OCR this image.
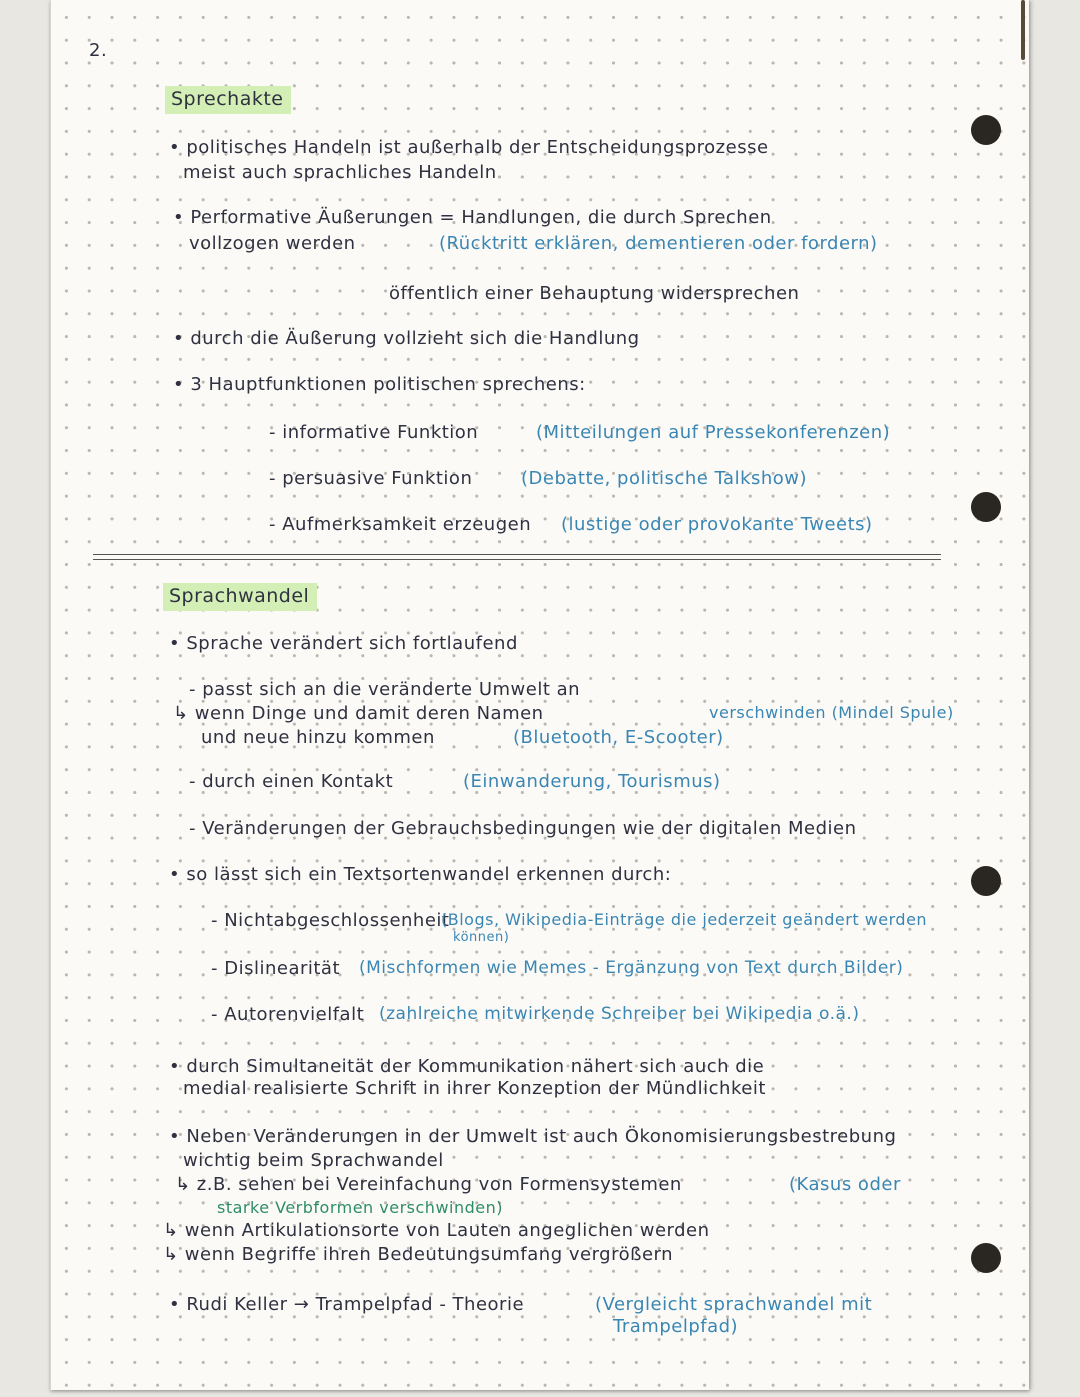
2.
Sprechakte
• politisches Handeln ist außerhalb der Entscheidungsprozesse
meist auch sprachliches Handeln
• Performative Äußerungen = Handlungen, die durch Sprechen
vollzogen werden	(Rücktritt erklären, dementieren oder fordern)
öffentlich einer Behauptung widersprechen
• durch die Äußerung vollzieht sich die Handlung
• 3 Hauptfunktionen politischen sprechens:
- informative Funktion	(Mitteilungen auf Pressekonferenzen)
- persuasive Funktion	(Debatte, politische Talkshow)
- Aufmerksamkeit erzeugen (lustige oder provokante Tweets)
Sprachwandel
• Sprache verändert sich fortlaufend
- passt sich an die veränderte Umwelt an
↳ wenn Dinge und damit deren Namen	verschwinden (Mindel Spule)
und neue hinzu kommen	(Bluetooth, E-Scooter)
- durch einen Kontakt	(Einwanderung, Tourismus)
- Veränderungen der Gebrauchsbedingungen wie der digitalen Medien
• so lässt sich ein Textsortenwandel erkennen durch:
- Nichtabgeschlossenheit
(Blogs, Wikipedia-Einträge die jederzeit geändert werden
können)
- Dislinearität (Mischformen wie Memes - Ergänzung von Text durch Bilder)
- Autorenvielfalt (zahlreiche mitwirkende Schreiber bei Wikipedia o.ä.)
• durch Simultaneität der Kommunikation nähert sich auch die
medial realisierte Schrift in ihrer Konzeption der Mündlichkeit
• Neben Veränderungen in der Umwelt ist auch Ökonomisierungsbestrebung
wichtig beim Sprachwandel
↳ z.B. sehen bei Vereinfachung von Formensystemen	(Kasus oder
starke Verbformen verschwinden)
↳ wenn Artikulationsorte von Lauten angeglichen werden
↳ wenn Begriffe ihren Bedeutungsumfang vergrößern
• Rudi Keller → Trampelpfad - Theorie	(Vergleicht sprachwandel mit
Trampelpfad)
